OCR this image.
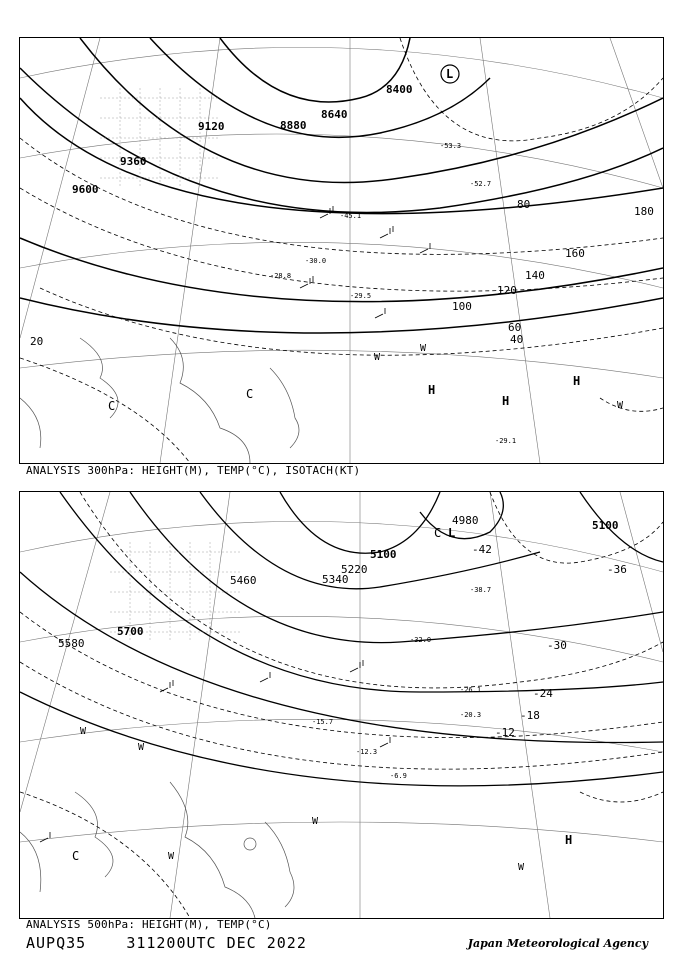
9600
9360
9120	8880
8640
8400
20	40
60
80
100
120
140
160
180
L
H
H
H
C
C
-29.1
-29.5
-28.8
-30.0
-45.1
-52.7
-53.3
W
W
W
ANALYSIS 300hPa: HEIGHT(M), TEMP(°C), ISOTACH(KT)
5700
5580
5460	5340
5220
5100
4980	5100
-12
-18
-24
-30
-36
-42
L
H
C
C
-6.9
-12.3
-15.7
-20.3
-26.1
-32.0
-38.7
W
W
W
W
W
ANALYSIS 500hPa: HEIGHT(M), TEMP(°C)
AUPQ35	311200UTC DEC 2022	Japan Meteorological Agency
